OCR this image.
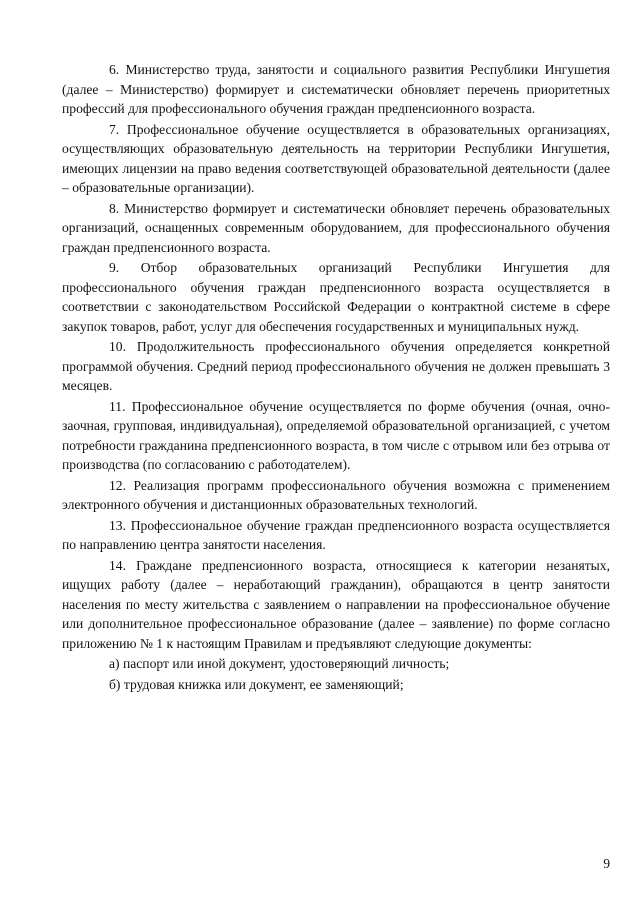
6. Министерство труда, занятости и социального развития Республики Ингушетия (далее – Министерство) формирует и систематически обновляет перечень приоритетных профессий для профессионального обучения граждан предпенсионного возраста.

7. Профессиональное обучение осуществляется в образовательных организациях, осуществляющих образовательную деятельность на территории Республики Ингушетия, имеющих лицензии на право ведения соответствующей образовательной деятельности (далее – образовательные организации).

8. Министерство формирует и систематически обновляет перечень образовательных организаций, оснащенных современным оборудованием, для профессионального обучения граждан предпенсионного возраста.

9. Отбор образовательных организаций Республики Ингушетия для профессионального обучения граждан предпенсионного возраста осуществляется в соответствии с законодательством Российской Федерации о контрактной системе в сфере закупок товаров, работ, услуг для обеспечения государственных и муниципальных нужд.

10. Продолжительность профессионального обучения определяется конкретной программой обучения. Средний период профессионального обучения не должен превышать 3 месяцев.

11. Профессиональное обучение осуществляется по форме обучения (очная, очно-заочная, групповая, индивидуальная), определяемой образовательной организацией, с учетом потребности гражданина предпенсионного возраста, в том числе с отрывом или без отрыва от производства (по согласованию с работодателем).

12. Реализация программ профессионального обучения возможна с применением электронного обучения и дистанционных образовательных технологий.

13. Профессиональное обучение граждан предпенсионного возраста осуществляется по направлению центра занятости населения.

14. Граждане предпенсионного возраста, относящиеся к категории незанятых, ищущих работу (далее – неработающий гражданин), обращаются в центр занятости населения по месту жительства с заявлением о направлении на профессиональное обучение или дополнительное профессиональное образование (далее – заявление) по форме согласно приложению № 1 к настоящим Правилам и предъявляют следующие документы:

а) паспорт или иной документ, удостоверяющий личность;

б) трудовая книжка или документ, ее заменяющий;

9
